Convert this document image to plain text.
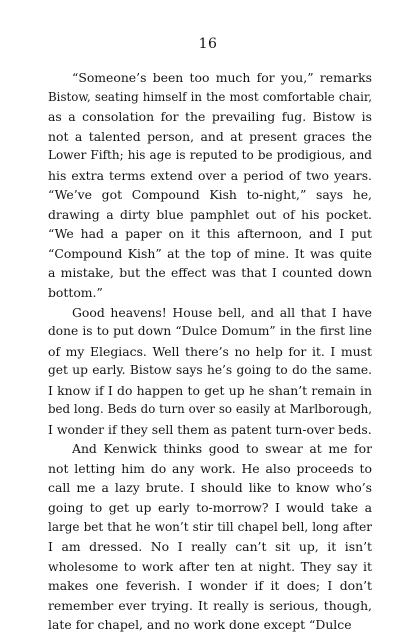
16
“Someone’s been too much for you,” remarks
Bistow, seating himself in the most comfortable chair,
as a consolation for the prevailing fug. Bistow is
not a talented person, and at present graces the
Lower Fifth; his age is reputed to be prodigious, and
his extra terms extend over a period of two years.
“We’ve got Compound Kish to-night,” says he,
drawing a dirty blue pamphlet out of his pocket.
“We had a paper on it this afternoon, and I put
“Compound Kish” at the top of mine. It was quite
a mistake, but the effect was that I counted down
bottom.”
Good heavens! House bell, and all that I have
done is to put down “Dulce Domum” in the first line
of my Elegiacs. Well there’s no help for it. I must
get up early. Bistow says he’s going to do the same.
I know if I do happen to get up he shan’t remain in
bed long. Beds do turn over so easily at Marlborough,
I wonder if they sell them as patent turn-over beds.
And Kenwick thinks good to swear at me for
not letting him do any work. He also proceeds to
call me a lazy brute. I should like to know who’s
going to get up early to-morrow? I would take a
large bet that he won’t stir till chapel bell, long after
I am dressed. No I really can’t sit up, it isn’t
wholesome to work after ten at night. They say it
makes one feverish. I wonder if it does; I don’t
remember ever trying. It really is serious, though,
late for chapel, and no work done except “Dulce
